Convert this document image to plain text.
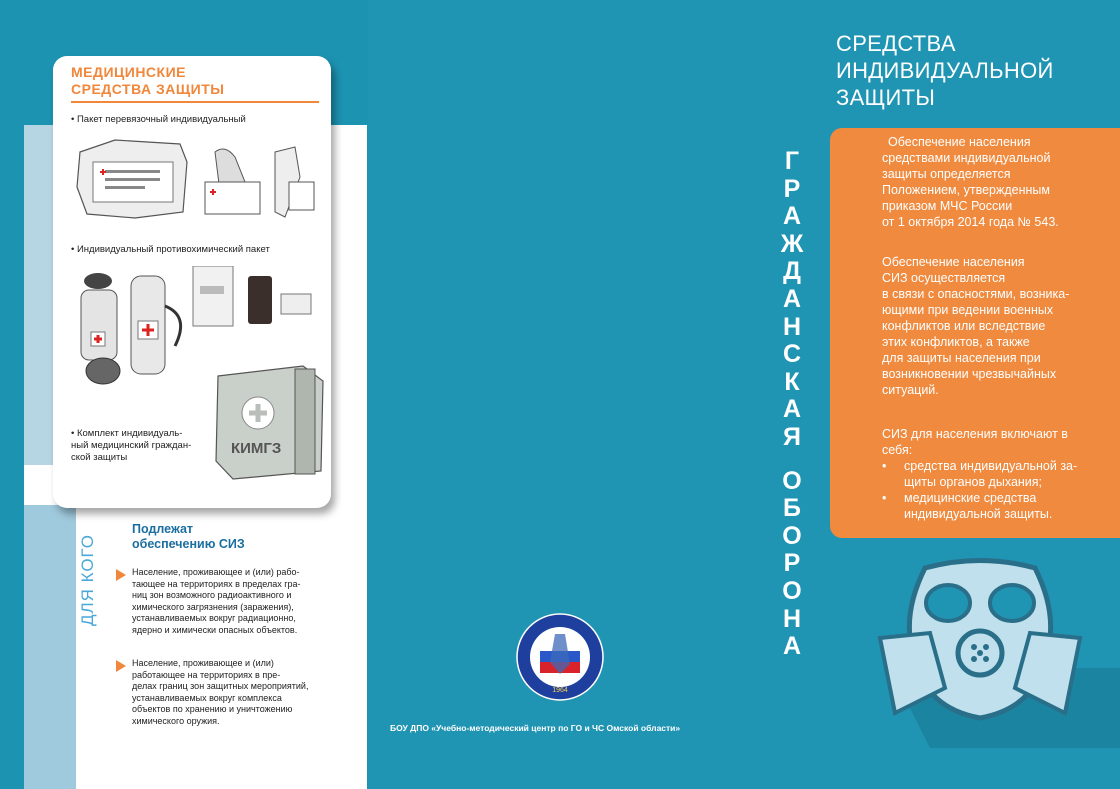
МЕДИЦИНСКИЕ
СРЕДСТВА ЗАЩИТЫ
• Пакет перевязочный индивидуальный
• Индивидуальный противохимический пакет
КИМГЗ
• Комплект индивидуаль-
ный медицинский граждан-
ской защиты
ДЛЯ КОГО
Подлежат
обеспечению СИЗ
Население, проживающее и (или) рабо-
тающее на территориях в пределах гра-
ниц зон возможного радиоактивного и
химического загрязнения (заражения),
устанавливаемых вокруг радиационно,
ядерно и химически опасных объектов.
Население, проживающее и (или)
работающее на территориях в пре-
делах границ зон защитных мероприятий,
устанавливаемых вокруг комплекса
объектов по хранению и уничтожению
химического оружия.
1964
БОУ ДПО «Учебно-методический центр по ГО и ЧС Омской области»
СРЕДСТВА
ИНДИВИДУАЛЬНОЙ
ЗАЩИТЫ
Г
Р
А
Ж
Д
А
Н
С
К
А
Я
О
Б
О
Р
О
Н
А
Обеспечение населения
средствами индивидуальной
защиты определяется
Положением, утвержденным
приказом МЧС России
от 1 октября 2014 года № 543.
Обеспечение населения
СИЗ осуществляется
в связи с опасностями, возника-
ющими при ведении военных
конфликтов или вследствие
этих конфликтов, а также
для защиты населения при
возникновении чрезвычайных
ситуаций.
СИЗ для населения включают в
себя:
• средства индивидуальной за-
щиты органов дыхания;
• медицинские средства
индивидуальной защиты.
